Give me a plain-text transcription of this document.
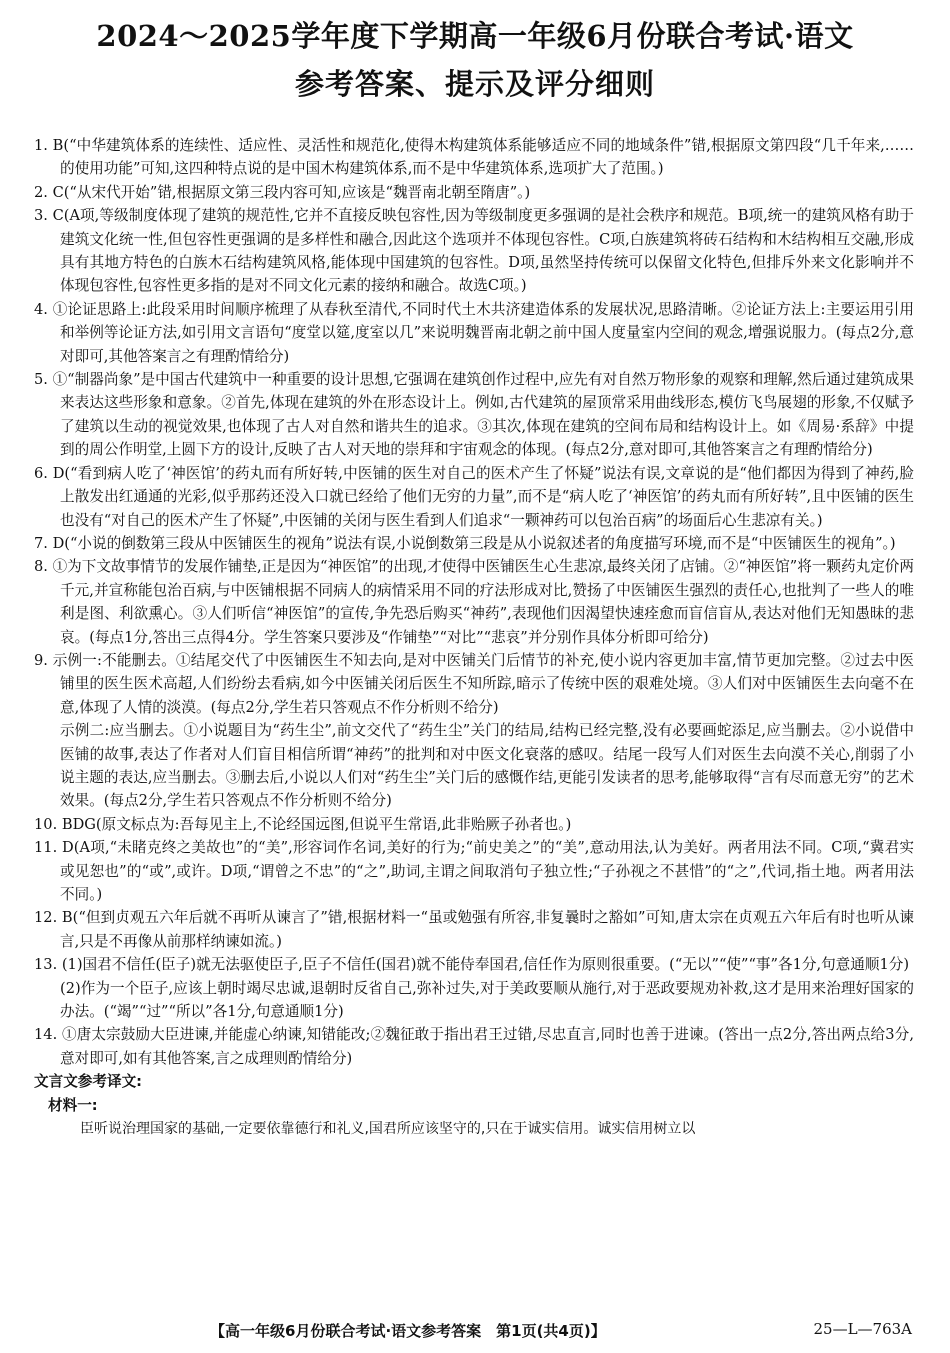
2024～2025学年度下学期高一年级6月份联合考试·语文
参考答案、提示及评分细则

1. B(“中华建筑体系的连续性、适应性、灵活性和规范化,使得木构建筑体系能够适应不同的地域条件”错,根据原文第四段“几千年来,……的使用功能”可知,这四种特点说的是中国木构建筑体系,而不是中华建筑体系,选项扩大了范围。)

2. C(“从宋代开始”错,根据原文第三段内容可知,应该是“魏晋南北朝至隋唐”。)

3. C(A项,等级制度体现了建筑的规范性,它并不直接反映包容性,因为等级制度更多强调的是社会秩序和规范。B项,统一的建筑风格有助于建筑文化统一性,但包容性更强调的是多样性和融合,因此这个选项并不体现包容性。C项,白族建筑将砖石结构和木结构相互交融,形成具有其地方特色的白族木石结构建筑风格,能体现中国建筑的包容性。D项,虽然坚持传统可以保留文化特色,但排斥外来文化影响并不体现包容性,包容性更多指的是对不同文化元素的接纳和融合。故选C项。)

4. ①论证思路上:此段采用时间顺序梳理了从春秋至清代,不同时代土木共济建造体系的发展状况,思路清晰。②论证方法上:主要运用引用和举例等论证方法,如引用文言语句“度堂以筵,度室以几”来说明魏晋南北朝之前中国人度量室内空间的观念,增强说服力。(每点2分,意对即可,其他答案言之有理酌情给分)

5. ①“制器尚象”是中国古代建筑中一种重要的设计思想,它强调在建筑创作过程中,应先有对自然万物形象的观察和理解,然后通过建筑成果来表达这些形象和意象。②首先,体现在建筑的外在形态设计上。例如,古代建筑的屋顶常采用曲线形态,模仿飞鸟展翅的形象,不仅赋予了建筑以生动的视觉效果,也体现了古人对自然和谐共生的追求。③其次,体现在建筑的空间布局和结构设计上。如《周易·系辞》中提到的周公作明堂,上圆下方的设计,反映了古人对天地的崇拜和宇宙观念的体现。(每点2分,意对即可,其他答案言之有理酌情给分)

6. D(“看到病人吃了‘神医馆’的药丸而有所好转,中医铺的医生对自己的医术产生了怀疑”说法有误,文章说的是“他们都因为得到了神药,脸上散发出红通通的光彩,似乎那药还没入口就已经给了他们无穷的力量”,而不是“病人吃了‘神医馆’的药丸而有所好转”,且中医铺的医生也没有“对自己的医术产生了怀疑”,中医铺的关闭与医生看到人们追求“一颗神药可以包治百病”的场面后心生悲凉有关。)

7. D(“小说的倒数第三段从中医铺医生的视角”说法有误,小说倒数第三段是从小说叙述者的角度描写环境,而不是“中医铺医生的视角”。)

8. ①为下文故事情节的发展作铺垫,正是因为“神医馆”的出现,才使得中医铺医生心生悲凉,最终关闭了店铺。②“神医馆”将一颗药丸定价两千元,并宣称能包治百病,与中医铺根据不同病人的病情采用不同的疗法形成对比,赞扬了中医铺医生强烈的责任心,也批判了一些人的唯利是图、利欲熏心。③人们听信“神医馆”的宣传,争先恐后购买“神药”,表现他们因渴望快速痊愈而盲信盲从,表达对他们无知愚昧的悲哀。(每点1分,答出三点得4分。学生答案只要涉及“作铺垫”“对比”“悲哀”并分别作具体分析即可给分)

9. 示例一:不能删去。①结尾交代了中医铺医生不知去向,是对中医铺关门后情节的补充,使小说内容更加丰富,情节更加完整。②过去中医铺里的医生医术高超,人们纷纷去看病,如今中医铺关闭后医生不知所踪,暗示了传统中医的艰难处境。③人们对中医铺医生去向毫不在意,体现了人情的淡漠。(每点2分,学生若只答观点不作分析则不给分)

示例二:应当删去。①小说题目为“药生尘”,前文交代了“药生尘”关门的结局,结构已经完整,没有必要画蛇添足,应当删去。②小说借中医铺的故事,表达了作者对人们盲目相信所谓“神药”的批判和对中医文化衰落的感叹。结尾一段写人们对医生去向漠不关心,削弱了小说主题的表达,应当删去。③删去后,小说以人们对“药生尘”关门后的感慨作结,更能引发读者的思考,能够取得“言有尽而意无穷”的艺术效果。(每点2分,学生若只答观点不作分析则不给分)

10. BDG(原文标点为:吾每见主上,不论经国远图,但说平生常语,此非贻厥子孙者也。)

11. D(A项,“未睹克终之美故也”的“美”,形容词作名词,美好的行为;“前史美之”的“美”,意动用法,认为美好。两者用法不同。C项,“冀君实或见恕也”的“或”,或许。D项,“谓曾之不忠”的“之”,助词,主谓之间取消句子独立性;“子孙视之不甚惜”的“之”,代词,指土地。两者用法不同。)

12. B(“但到贞观五六年后就不再听从谏言了”错,根据材料一“虽或勉强有所容,非复曩时之豁如”可知,唐太宗在贞观五六年后有时也听从谏言,只是不再像从前那样纳谏如流。)

13. (1)国君不信任(臣子)就无法驱使臣子,臣子不信任(国君)就不能侍奉国君,信任作为原则很重要。(“无以”“使”“事”各1分,句意通顺1分)

(2)作为一个臣子,应该上朝时竭尽忠诚,退朝时反省自己,弥补过失,对于美政要顺从施行,对于恶政要规劝补救,这才是用来治理好国家的办法。(“竭”“过”“所以”各1分,句意通顺1分)

14. ①唐太宗鼓励大臣进谏,并能虚心纳谏,知错能改;②魏征敢于指出君王过错,尽忠直言,同时也善于进谏。(答出一点2分,答出两点给3分,意对即可,如有其他答案,言之成理则酌情给分)

文言文参考译文:

材料一:

臣听说治理国家的基础,一定要依靠德行和礼义,国君所应该坚守的,只在于诚实信用。诚实信用树立以

【高一年级6月份联合考试·语文参考答案　第1页(共4页)】	25—L—763A
